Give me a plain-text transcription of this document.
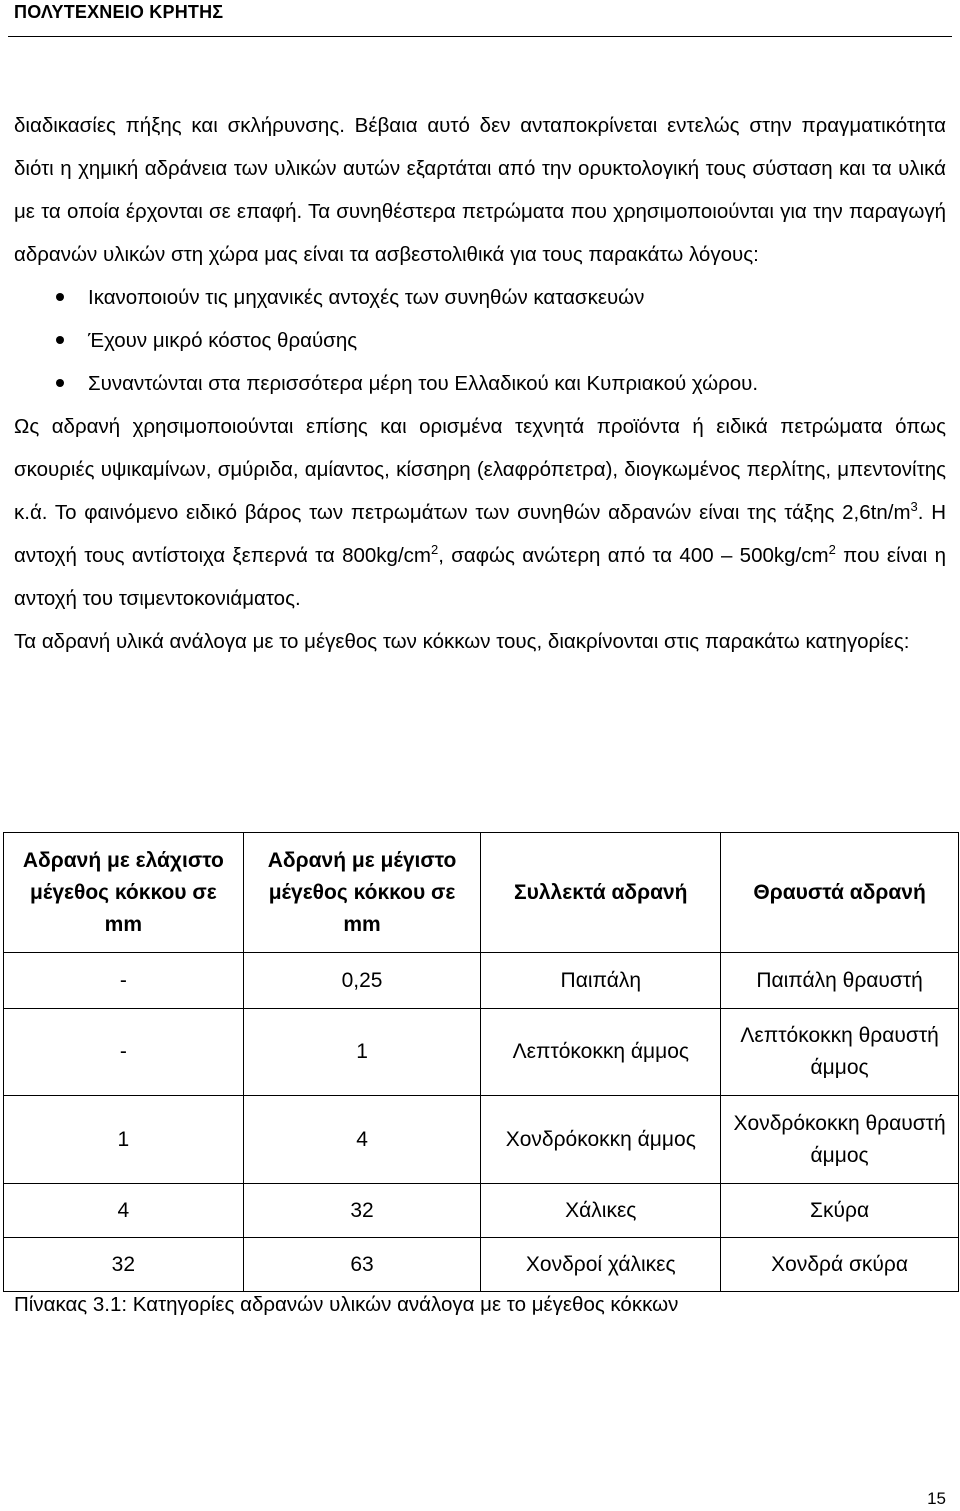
ΠΟΛΥΤΕΧΝΕΙΟ ΚΡΗΤΗΣ

διαδικασίες πήξης και σκλήρυνσης. Βέβαια αυτό δεν ανταποκρίνεται εντελώς στην πραγματικότητα διότι η χημική αδράνεια των υλικών αυτών εξαρτάται από την ορυκτολογική τους σύσταση και τα υλικά με τα οποία έρχονται σε επαφή. Τα συνηθέστερα πετρώματα που χρησιμοποιούνται για την παραγωγή αδρανών υλικών στη χώρα μας είναι τα ασβεστολιθικά για τους παρακάτω λόγους:

Ικανοποιούν τις μηχανικές αντοχές των συνηθών κατασκευών
Έχουν μικρό κόστος θραύσης
Συναντώνται στα περισσότερα μέρη του Ελλαδικού και Κυπριακού χώρου.

Ως αδρανή χρησιμοποιούνται επίσης και ορισμένα τεχνητά προϊόντα ή ειδικά πετρώματα όπως σκουριές υψικαμίνων, σμύριδα, αμίαντος, κίσσηρη (ελαφρόπετρα), διογκωμένος περλίτης, μπεντονίτης κ.ά. Το φαινόμενο ειδικό βάρος των πετρωμάτων των συνηθών αδρανών είναι της τάξης $2,6tn/m^3$. Η αντοχή τους αντίστοιχα ξεπερνά τα $800kg/cm^2$, σαφώς ανώτερη από τα $400 - 500kg/cm^2$ που είναι η αντοχή του τσιμεντοκονιάματος.

Τα αδρανή υλικά ανάλογα με το μέγεθος των κόκκων τους, διακρίνονται στις παρακάτω κατηγορίες:

Αδρανή με ελάχιστο μέγεθος κόκκου σε mm	Αδρανή με μέγιστο μέγεθος κόκκου σε mm	Συλλεκτά αδρανή	Θραυστά αδρανή
-	0,25	Παιπάλη	Παιπάλη θραυστή
-	1	Λεπτόκοκκη άμμος	Λεπτόκοκκη θραυστή άμμος
1	4	Χονδρόκοκκη άμμος	Χονδρόκοκκη θραυστή άμμος
4	32	Χάλικες	Σκύρα
32	63	Χονδροί χάλικες	Χονδρά σκύρα
Πίνακας 3.1: Κατηγορίες αδρανών υλικών ανάλογα με το μέγεθος κόκκων
15
